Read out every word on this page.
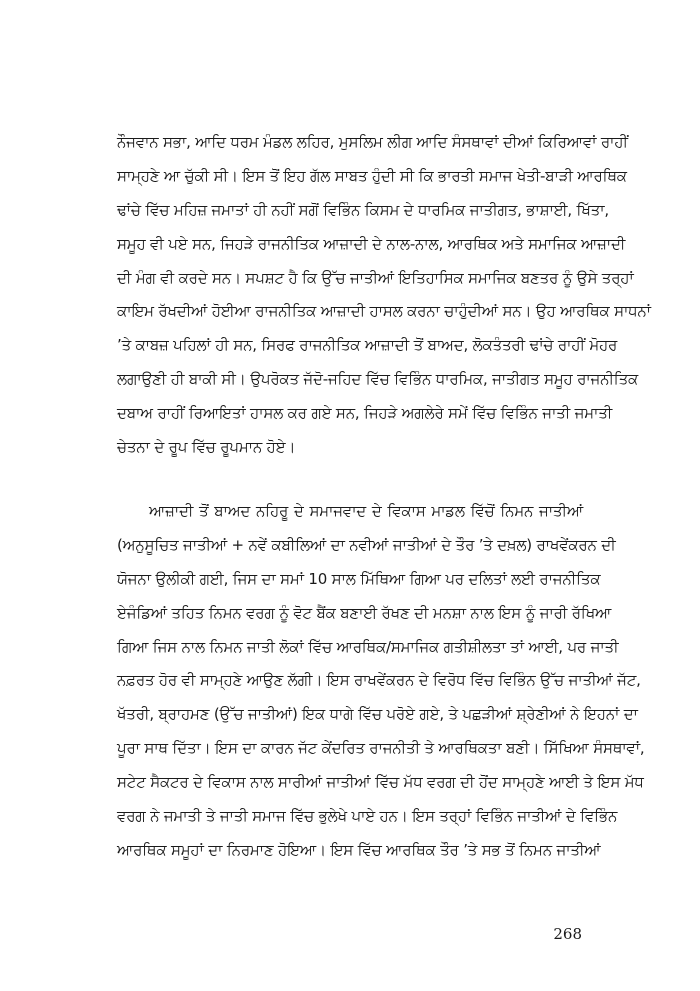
ਨੌਜਵਾਨ ਸਭਾ, ਆਦਿ ਧਰਮ ਮੰਡਲ ਲਹਿਰ, ਮੁਸਲਿਮ ਲੀਗ ਆਦਿ ਸੰਸਥਾਵਾਂ ਦੀਆਂ ਕਿਰਿਆਵਾਂ ਰਾਹੀਂ
ਸਾਮ੍ਹਣੇ ਆ ਚੁੱਕੀ ਸੀ। ਇਸ ਤੋਂ ਇਹ ਗੱਲ ਸਾਬਤ ਹੁੰਦੀ ਸੀ ਕਿ ਭਾਰਤੀ ਸਮਾਜ ਖੇਤੀ-ਬਾੜੀ ਆਰਥਿਕ
ਢਾਂਚੇ ਵਿੱਚ ਮਹਿਜ਼ ਜਮਾਤਾਂ ਹੀ ਨਹੀਂ ਸਗੋਂ ਵਿਭਿੰਨ ਕਿਸਮ ਦੇ ਧਾਰਮਿਕ ਜਾਤੀਗਤ, ਭਾਸ਼ਾਈ, ਖਿੱਤਾ,
ਸਮੂਹ ਵੀ ਪਏ ਸਨ, ਜਿਹੜੇ ਰਾਜਨੀਤਿਕ ਆਜ਼ਾਦੀ ਦੇ ਨਾਲ-ਨਾਲ, ਆਰਥਿਕ ਅਤੇ ਸਮਾਜਿਕ ਆਜ਼ਾਦੀ
ਦੀ ਮੰਗ ਵੀ ਕਰਦੇ ਸਨ। ਸਪਸ਼ਟ ਹੈ ਕਿ ਉੱਚ ਜਾਤੀਆਂ ਇਤਿਹਾਸਿਕ ਸਮਾਜਿਕ ਬਣਤਰ ਨੂੰ ਉਸੇ ਤਰ੍ਹਾਂ
ਕਾਇਮ ਰੱਖਦੀਆਂ ਹੋਈਆ ਰਾਜਨੀਤਿਕ ਆਜ਼ਾਦੀ ਹਾਸਲ ਕਰਨਾ ਚਾਹੁੰਦੀਆਂ ਸਨ। ਉਹ ਆਰਥਿਕ ਸਾਧਨਾਂ
’ਤੇ ਕਾਬਜ਼ ਪਹਿਲਾਂ ਹੀ ਸਨ, ਸਿਰਫ ਰਾਜਨੀਤਿਕ ਆਜ਼ਾਦੀ ਤੋਂ ਬਾਅਦ, ਲੋਕਤੰਤਰੀ ਢਾਂਚੇ ਰਾਹੀਂ ਮੋਹਰ
ਲਗਾਉਣੀ ਹੀ ਬਾਕੀ ਸੀ। ਉਪਰੋਕਤ ਜੱਦੋ-ਜਹਿਦ ਵਿੱਚ ਵਿਭਿੰਨ ਧਾਰਮਿਕ, ਜਾਤੀਗਤ ਸਮੂਹ ਰਾਜਨੀਤਿਕ
ਦਬਾਅ ਰਾਹੀਂ ਰਿਆਇਤਾਂ ਹਾਸਲ ਕਰ ਗਏ ਸਨ, ਜਿਹੜੇ ਅਗਲੇਰੇ ਸਮੇਂ ਵਿੱਚ ਵਿਭਿੰਨ ਜਾਤੀ ਜਮਾਤੀ
ਚੇਤਨਾ ਦੇ ਰੂਪ ਵਿੱਚ ਰੂਪਮਾਨ ਹੋਏ।
ਆਜ਼ਾਦੀ ਤੋਂ ਬਾਅਦ ਨਹਿਰੂ ਦੇ ਸਮਾਜਵਾਦ ਦੇ ਵਿਕਾਸ ਮਾਡਲ ਵਿੱਚੋਂ ਨਿਮਨ ਜਾਤੀਆਂ
(ਅਨੁਸੂਚਿਤ ਜਾਤੀਆਂ + ਨਵੇਂ ਕਬੀਲਿਆਂ ਦਾ ਨਵੀਆਂ ਜਾਤੀਆਂ ਦੇ ਤੌਰ ’ਤੇ ਦਖ਼ਲ) ਰਾਖਵੇਂਕਰਨ ਦੀ
ਯੋਜਨਾ ਉਲੀਕੀ ਗਈ, ਜਿਸ ਦਾ ਸਮਾਂ 10 ਸਾਲ ਮਿੱਥਿਆ ਗਿਆ ਪਰ ਦਲਿਤਾਂ ਲਈ ਰਾਜਨੀਤਿਕ
ਏਜੰਡਿਆਂ ਤਹਿਤ ਨਿਮਨ ਵਰਗ ਨੂੰ ਵੋਟ ਬੈਂਕ ਬਣਾਈ ਰੱਖਣ ਦੀ ਮਨਸ਼ਾ ਨਾਲ ਇਸ ਨੂੰ ਜਾਰੀ ਰੱਖਿਆ
ਗਿਆ ਜਿਸ ਨਾਲ ਨਿਮਨ ਜਾਤੀ ਲੋਕਾਂ ਵਿੱਚ ਆਰਥਿਕ/ਸਮਾਜਿਕ ਗਤੀਸ਼ੀਲਤਾ ਤਾਂ ਆਈ, ਪਰ ਜਾਤੀ
ਨਫ਼ਰਤ ਹੋਰ ਵੀ ਸਾਮ੍ਹਣੇ ਆਉਣ ਲੱਗੀ। ਇਸ ਰਾਖਵੇਂਕਰਨ ਦੇ ਵਿਰੋਧ ਵਿੱਚ ਵਿਭਿੰਨ ਉੱਚ ਜਾਤੀਆਂ ਜੱਟ,
ਖੱਤਰੀ, ਬ੍ਰਾਹਮਣ (ਉੱਚ ਜਾਤੀਆਂ) ਇਕ ਧਾਗੇ ਵਿੱਚ ਪਰੋਏ ਗਏ, ਤੇ ਪਛੜੀਆਂ ਸ਼੍ਰੇਣੀਆਂ ਨੇ ਇਹਨਾਂ ਦਾ
ਪੂਰਾ ਸਾਥ ਦਿੱਤਾ। ਇਸ ਦਾ ਕਾਰਨ ਜੱਟ ਕੇਂਦਰਿਤ ਰਾਜਨੀਤੀ ਤੇ ਆਰਥਿਕਤਾ ਬਣੀ। ਸਿੱਖਿਆ ਸੰਸਥਾਵਾਂ,
ਸਟੇਟ ਸੈਕਟਰ ਦੇ ਵਿਕਾਸ ਨਾਲ ਸਾਰੀਆਂ ਜਾਤੀਆਂ ਵਿੱਚ ਮੱਧ ਵਰਗ ਦੀ ਹੋਂਦ ਸਾਮ੍ਹਣੇ ਆਈ ਤੇ ਇਸ ਮੱਧ
ਵਰਗ ਨੇ ਜਮਾਤੀ ਤੇ ਜਾਤੀ ਸਮਾਜ ਵਿੱਚ ਭੁਲੇਖੇ ਪਾਏ ਹਨ। ਇਸ ਤਰ੍ਹਾਂ ਵਿਭਿੰਨ ਜਾਤੀਆਂ ਦੇ ਵਿਭਿੰਨ
ਆਰਥਿਕ ਸਮੂਹਾਂ ਦਾ ਨਿਰਮਾਣ ਹੋਇਆ। ਇਸ ਵਿੱਚ ਆਰਥਿਕ ਤੌਰ ’ਤੇ ਸਭ ਤੋਂ ਨਿਮਨ ਜਾਤੀਆਂ
268
